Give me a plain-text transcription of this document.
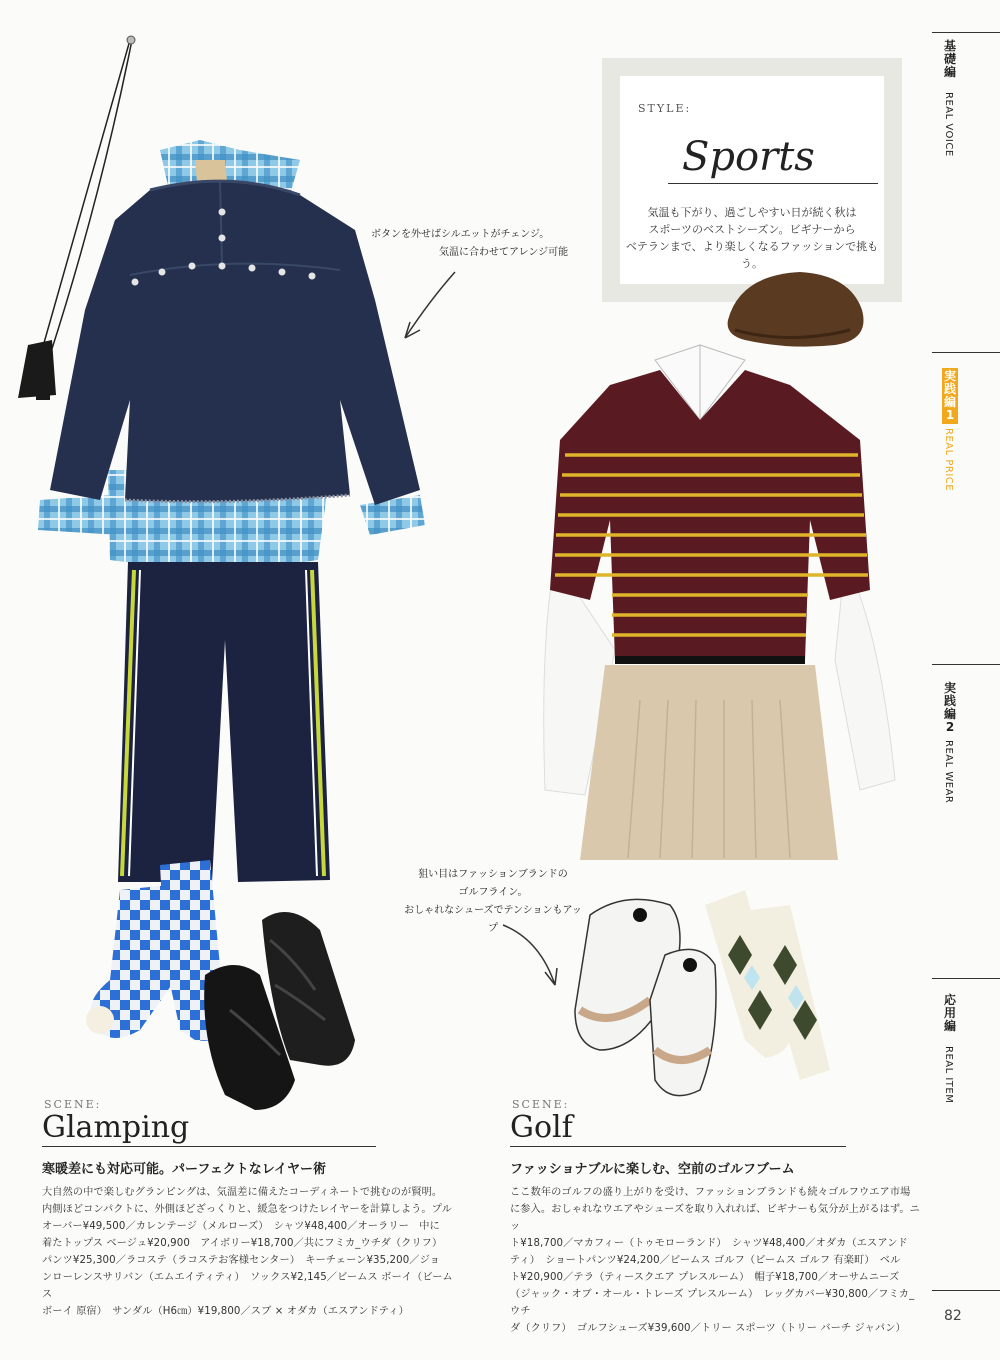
基礎編
REAL VOICE
実践編1
REAL PRICE
実践編2
REAL WEAR
応用編
REAL ITEM
STYLE:
Sports
気温も下がり、過ごしやすい日が続く秋は
スポーツのベストシーズン。ビギナーから
ベテランまで、より楽しくなるファッションで挑もう。
ボタンを外せばシルエットがチェンジ。
気温に合わせてアレンジ可能
狙い目はファッションブランドの
ゴルフライン。
おしゃれなシューズでテンションもアップ
SCENE:
Glamping
寒暖差にも対応可能。パーフェクトなレイヤー術
大自然の中で楽しむグランピングは、気温差に備えたコーディネートで挑むのが賢明。
内側ほどコンパクトに、外側ほどざっくりと、緩急をつけたレイヤーを計算しよう。プル
オーバー¥49,500／カレンテージ（メルローズ）　シャツ¥48,400／オーラリー　中に
着たトップス ベージュ¥20,900　アイボリー¥18,700／共にフミカ_ウチダ（クリフ）
パンツ¥25,300／ラコステ（ラコステお客様センター）　キーチェーン¥35,200／ジョ
ンローレンスサリバン（エムエイティティ）　ソックス¥2,145／ビームス ボーイ（ビームス
ボーイ 原宿）　サンダル（H6㎝）¥19,800／スブ × オダカ（エスアンドティ）
SCENE:
Golf
ファッショナブルに楽しむ、空前のゴルフブーム
ここ数年のゴルフの盛り上がりを受け、ファッションブランドも続々ゴルフウエア市場
に参入。おしゃれなウエアやシューズを取り入れれば、ビギナーも気分が上がるはず。ニッ
ト¥18,700／マカフィー（トゥモローランド）　シャツ¥48,400／オダカ（エスアンド
ティ）　ショートパンツ¥24,200／ビームス ゴルフ（ビームス ゴルフ 有楽町）　ベル
ト¥20,900／テラ（ティースクエア プレスルーム）　帽子¥18,700／オーサムニーズ
（ジャック・オブ・オール・トレーズ プレスルーム）　レッグカバー¥30,800／フミカ_ウチ
ダ（クリフ）　ゴルフシューズ¥39,600／トリー スポーツ（トリー バーチ ジャパン）
82
